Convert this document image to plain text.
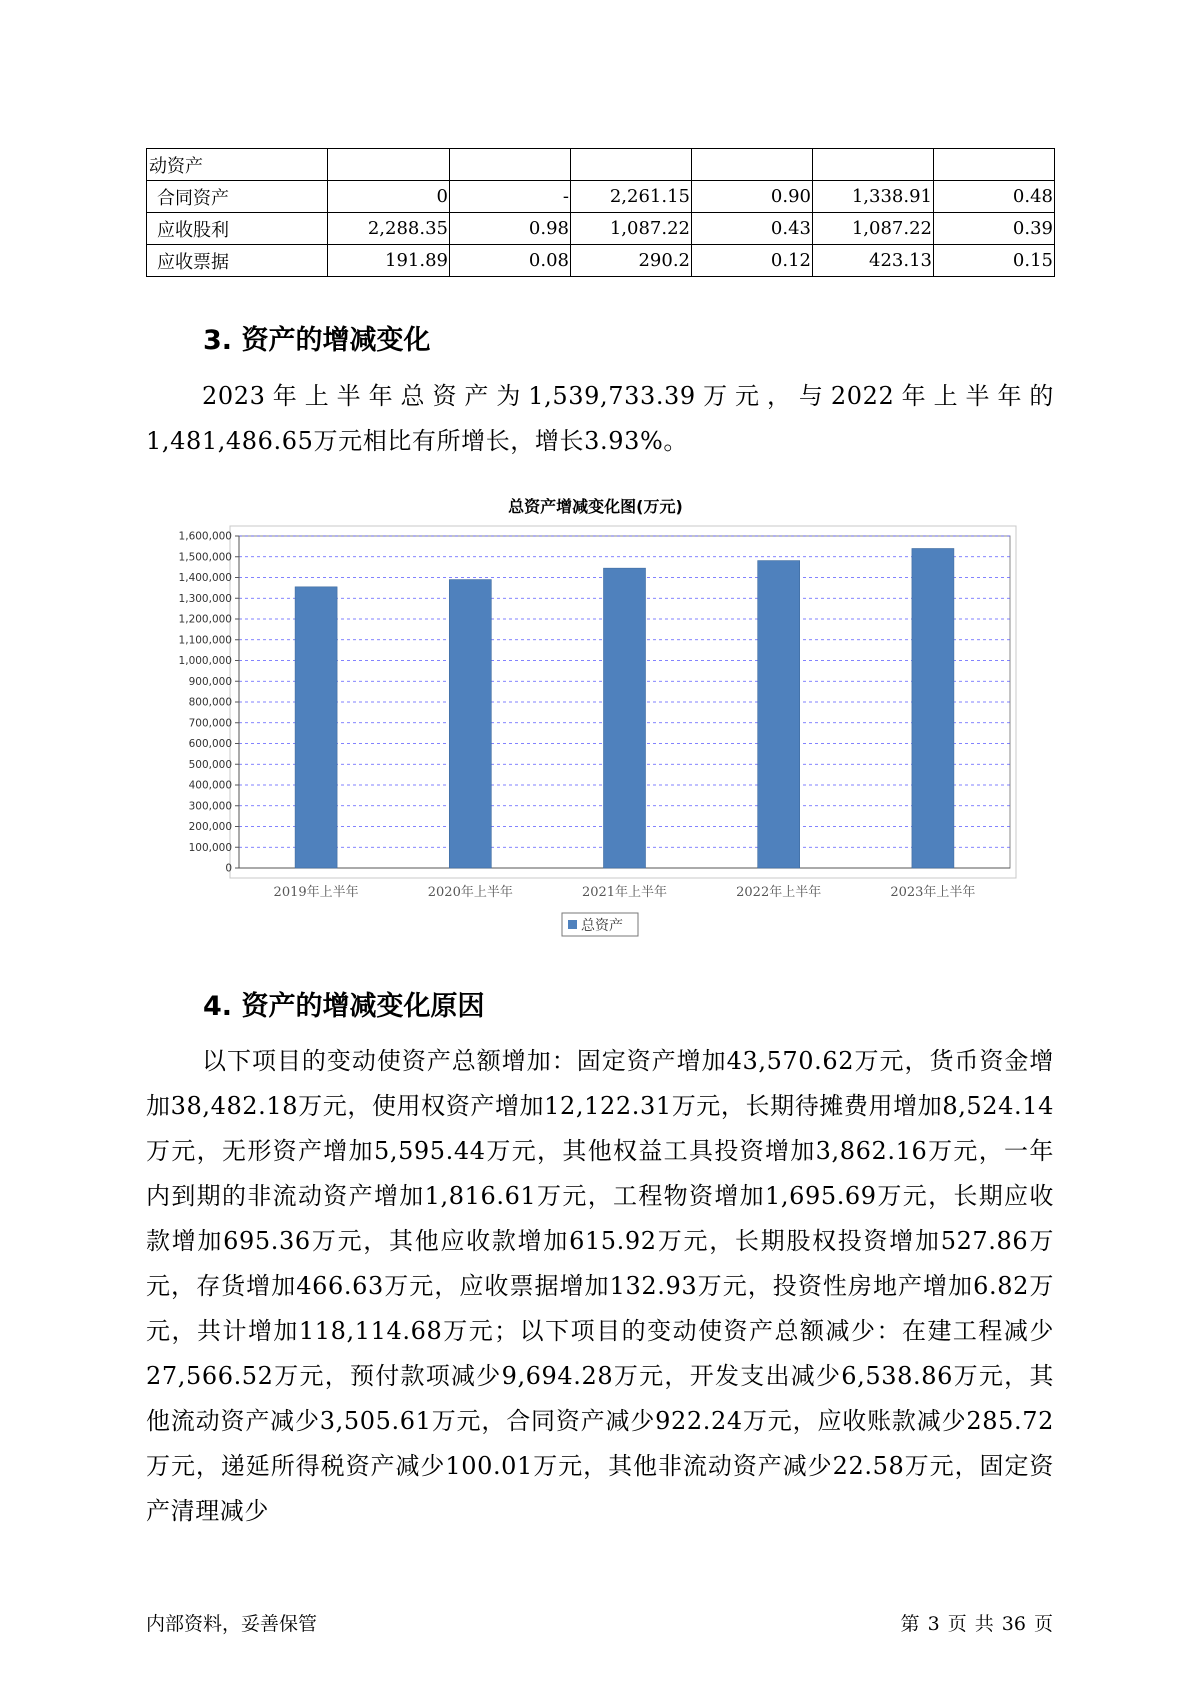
动资产						
合同资产	0	-	2,261.15	0.90	1,338.91	0.48
应收股利	2,288.35	0.98	1,087.22	0.43	1,087.22	0.39
应收票据	191.89	0.08	290.2	0.12	423.13	0.15
3. 资产的增减变化

2023年上半年总资产为1,539,733.39万元，与2022年上半年的1,481,486.65万元相比有所增长，增长3.93%。

总资产增减变化图(万元)
0
100,000
200,000
300,000
400,000
500,000
600,000
700,000
800,000
900,000
1,000,000
1,100,000
1,200,000
1,300,000
1,400,000
1,500,000
1,600,000
2019年上半年	2020年上半年	2021年上半年	2022年上半年	2023年上半年
总资产
4. 资产的增减变化原因

以下项目的变动使资产总额增加：固定资产增加43,570.62万元，货币资金增加38,482.18万元，使用权资产增加12,122.31万元，长期待摊费用增加8,524.14万元，无形资产增加5,595.44万元，其他权益工具投资增加3,862.16万元，一年内到期的非流动资产增加1,816.61万元，工程物资增加1,695.69万元，长期应收款增加695.36万元，其他应收款增加615.92万元，长期股权投资增加527.86万元，存货增加466.63万元，应收票据增加132.93万元，投资性房地产增加6.82万元，共计增加118,114.68万元；以下项目的变动使资产总额减少：在建工程减少27,566.52万元，预付款项减少9,694.28万元，开发支出减少6,538.86万元，其他流动资产减少3,505.61万元，合同资产减少922.24万元，应收账款减少285.72万元，递延所得税资产减少100.01万元，其他非流动资产减少22.58万元，固定资产清理减少

内部资料，妥善保管	第 3 页 共 36 页
